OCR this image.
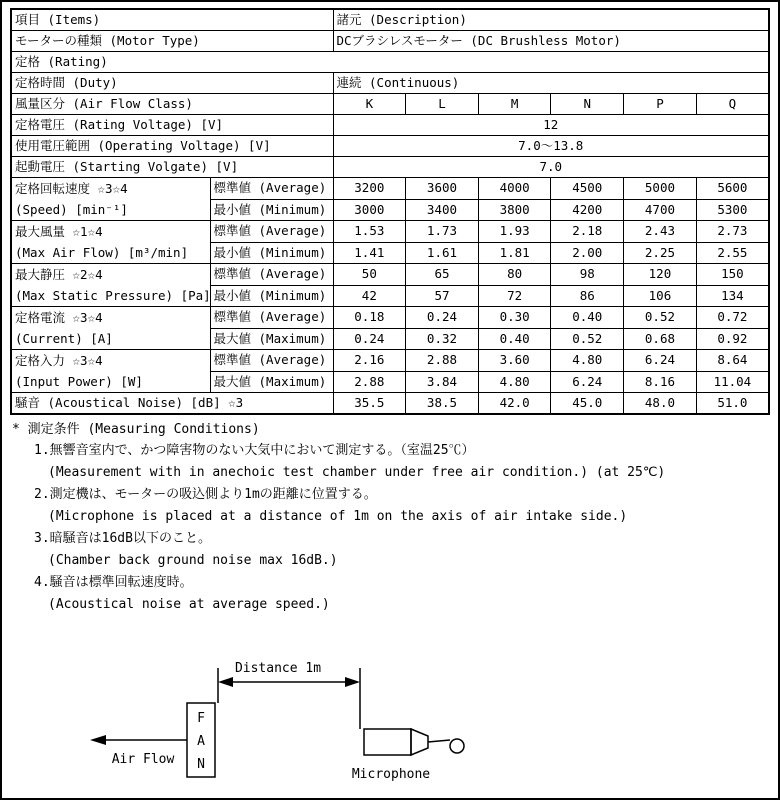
項目 (Items)		諸元 (Description)					
モーターの種類 (Motor Type)		DCブラシレスモーター (DC Brushless Motor)					
定格 (Rating)							
定格時間 (Duty)		連続 (Continuous)					
風量区分 (Air Flow Class)		K	L	M	N	P	Q
定格電圧 (Rating Voltage) [V]		12					
使用電圧範囲 (Operating Voltage) [V]		7.0～13.8					
起動電圧 (Starting Volgate) [V]		7.0					

定格回転速度 ☆3☆4
(Speed) [min⁻¹]	標準値 (Average)	3200	3600	4000	4500	5000	5600
	最小値 (Minimum)	3000	3400	3800	4200	4700	5300

最大風量 ☆1☆4
(Max Air Flow) [m³/min]	標準値 (Average)	1.53	1.73	1.93	2.18	2.43	2.73
	最小値 (Minimum)	1.41	1.61	1.81	2.00	2.25	2.55

最大静圧 ☆2☆4
(Max Static Pressure) [Pa]	標準値 (Average)	50	65	80	98	120	150
	最小値 (Minimum)	42	57	72	86	106	134

定格電流 ☆3☆4
(Current) [A]	標準値 (Average)	0.18	0.24	0.30	0.40	0.52	0.72
	最大値 (Maximum)	0.24	0.32	0.40	0.52	0.68	0.92

定格入力 ☆3☆4
(Input Power) [W]	標準値 (Average)	2.16	2.88	3.60	4.80	6.24	8.64
	最大値 (Maximum)	2.88	3.84	4.80	6.24	8.16	11.04
騒音 (Acoustical Noise) [dB] ☆3		35.5	38.5	42.0	45.0	48.0	51.0
* 測定条件 (Measuring Conditions)
1.無響音室内で、かつ障害物のない大気中において測定する。（室温25℃）
(Measurement with in anechoic test chamber under free air condition.) (at 25℃)
2.測定機は、モーターの吸込側より1mの距離に位置する。
(Microphone is placed at a distance of 1m on the axis of air intake side.)
3.暗騒音は16dB以下のこと。
(Chamber back ground noise max 16dB.)
4.騒音は標準回転速度時。
(Acoustical noise at average speed.)
Distance 1m
F
A
N
Air Flow
Microphone
